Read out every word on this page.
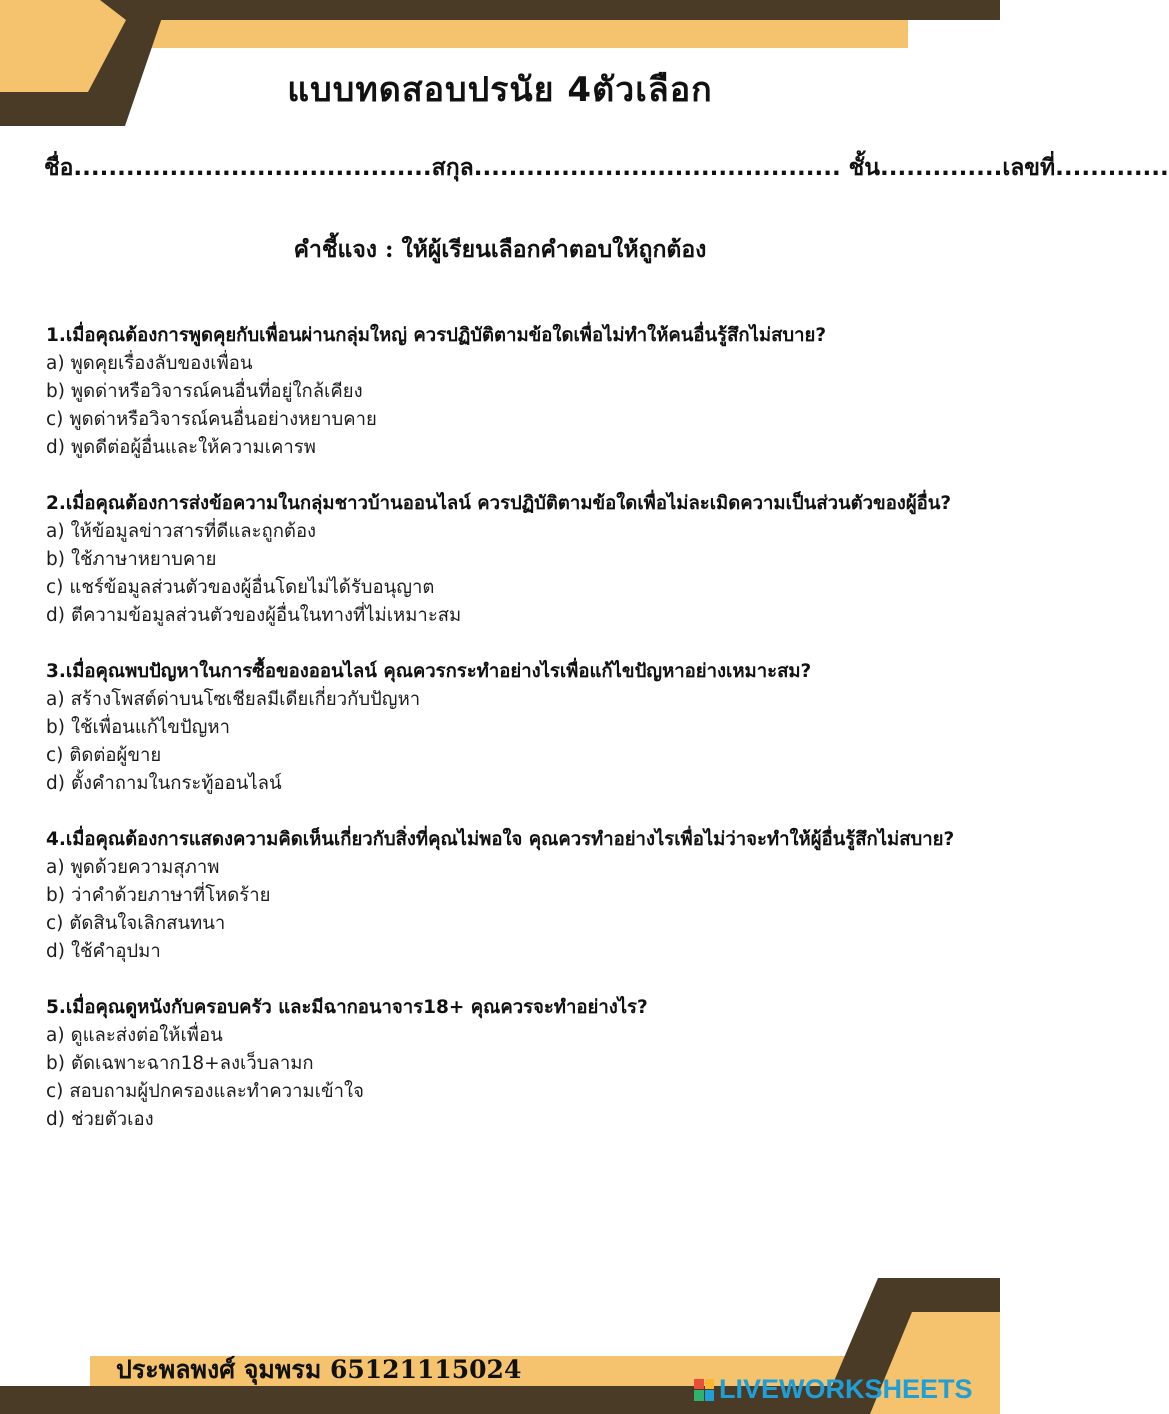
แบบทดสอบปรนัย 4ตัวเลือก
ชื่อ.........................................สกุล.......................................... ชั้น..............เลขที่.............
คำชี้แจง : ให้ผู้เรียนเลือกคำตอบให้ถูกต้อง

1.เมื่อคุณต้องการพูดคุยกับเพื่อนผ่านกลุ่มใหญ่ ควรปฏิบัติตามข้อใดเพื่อไม่ทำให้คนอื่นรู้สึกไม่สบาย?

a) พูดคุยเรื่องลับของเพื่อน

b) พูดด่าหรือวิจารณ์คนอื่นที่อยู่ใกล้เคียง

c) พูดด่าหรือวิจารณ์คนอื่นอย่างหยาบคาย

d) พูดดีต่อผู้อื่นและให้ความเคารพ

2.เมื่อคุณต้องการส่งข้อความในกลุ่มชาวบ้านออนไลน์ ควรปฏิบัติตามข้อใดเพื่อไม่ละเมิดความเป็นส่วนตัวของผู้อื่น?

a) ให้ข้อมูลข่าวสารที่ดีและถูกต้อง

b) ใช้ภาษาหยาบคาย

c) แชร์ข้อมูลส่วนตัวของผู้อื่นโดยไม่ได้รับอนุญาต

d) ตีความข้อมูลส่วนตัวของผู้อื่นในทางที่ไม่เหมาะสม

3.เมื่อคุณพบปัญหาในการซื้อของออนไลน์ คุณควรกระทำอย่างไรเพื่อแก้ไขปัญหาอย่างเหมาะสม?

a) สร้างโพสต์ด่าบนโซเชียลมีเดียเกี่ยวกับปัญหา

b) ใช้เพื่อนแก้ไขปัญหา

c) ติดต่อผู้ขาย

d) ตั้งคำถามในกระทู้ออนไลน์

4.เมื่อคุณต้องการแสดงความคิดเห็นเกี่ยวกับสิ่งที่คุณไม่พอใจ คุณควรทำอย่างไรเพื่อไม่ว่าจะทำให้ผู้อื่นรู้สึกไม่สบาย?

a) พูดด้วยความสุภาพ

b) ว่าคำด้วยภาษาที่โหดร้าย

c) ตัดสินใจเลิกสนทนา

d) ใช้คำอุปมา

5.เมื่อคุณดูหนังกับครอบครัว และมีฉากอนาจาร18+ คุณควรจะทำอย่างไร?

a) ดูและส่งต่อให้เพื่อน

b) ตัดเฉพาะฉาก18+ลงเว็บลามก

c) สอบถามผู้ปกครองและทำความเข้าใจ

d) ช่วยตัวเอง

ประพลพงศ์ จุมพรม 65121115024
LIVEWORKSHEETS
